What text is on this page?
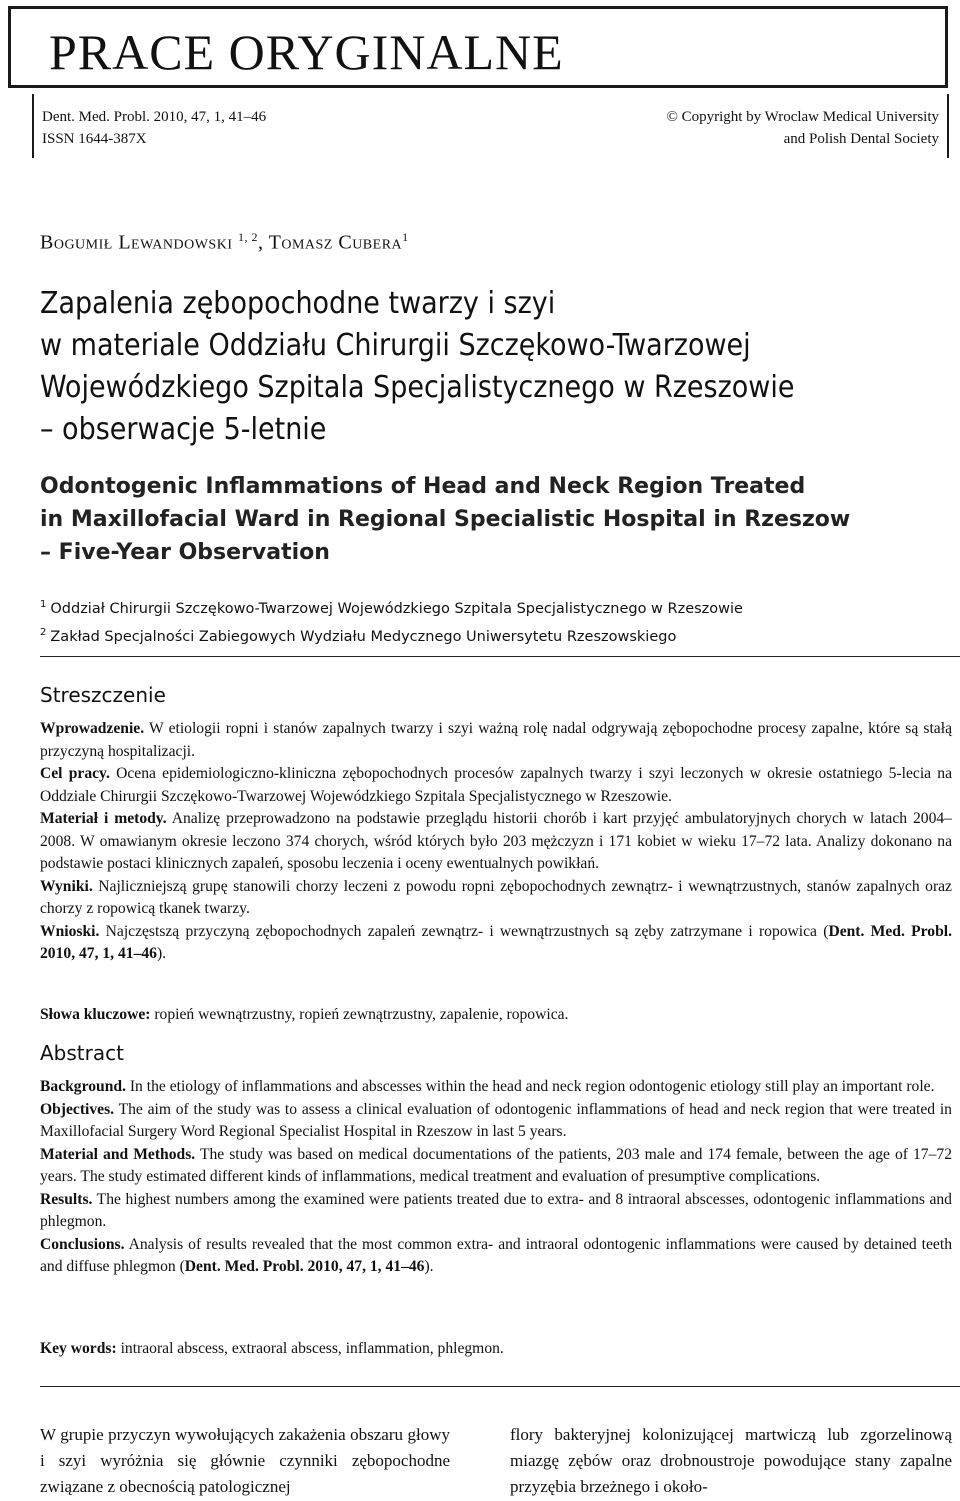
PRACE ORYGINALNE
Dent. Med. Probl. 2010, 47, 1, 41–46
ISSN 1644-387X
© Copyright by Wroclaw Medical University
and Polish Dental Society
Bogumił Lewandowski $^{1, 2}$, Tomasz Cubera$^1$
Zapalenia zębopochodne twarzy i szyi
w materiale Oddziału Chirurgii Szczękowo-Twarzowej
Wojewódzkiego Szpitala Specjalistycznego w Rzeszowie
– obserwacje 5-letnie
Odontogenic Inflammations of Head and Neck Region Treated
in Maxillofacial Ward in Regional Specialistic Hospital in Rzeszow
– Five-Year Observation
$^1$ Oddział Chirurgii Szczękowo-Twarzowej Wojewódzkiego Szpitala Specjalistycznego w Rzeszowie
$^2$ Zakład Specjalności Zabiegowych Wydziału Medycznego Uniwersytetu Rzeszowskiego
Streszczenie
Wprowadzenie. W etiologii ropni i stanów zapalnych twarzy i szyi ważną rolę nadal odgrywają zębopochodne procesy zapalne, które są stałą przyczyną hospitalizacji.
Cel pracy. Ocena epidemiologiczno-kliniczna zębopochodnych procesów zapalnych twarzy i szyi leczonych w okresie ostatniego 5-lecia na Oddziale Chirurgii Szczękowo-Twarzowej Wojewódzkiego Szpitala Specjalistycznego w Rzeszowie.
Materiał i metody. Analizę przeprowadzono na podstawie przeglądu historii chorób i kart przyjęć ambulatoryjnych chorych w latach 2004–2008. W omawianym okresie leczono 374 chorych, wśród których było 203 mężczyzn i 171 kobiet w wieku 17–72 lata. Analizy dokonano na podstawie postaci klinicznych zapaleń, sposobu leczenia i oceny ewentualnych powikłań.
Wyniki. Najliczniejszą grupę stanowili chorzy leczeni z powodu ropni zębopochodnych zewnątrz- i wewnątrzustnych, stanów zapalnych oraz chorzy z ropowicą tkanek twarzy.
Wnioski. Najczęstszą przyczyną zębopochodnych zapaleń zewnątrz- i wewnątrzustnych są zęby zatrzymane i ropowica (Dent. Med. Probl. 2010, 47, 1, 41–46).
Słowa kluczowe: ropień wewnątrzustny, ropień zewnątrzustny, zapalenie, ropowica.
Abstract
Background. In the etiology of inflammations and abscesses within the head and neck region odontogenic etiology still play an important role.
Objectives. The aim of the study was to assess a clinical evaluation of odontogenic inflammations of head and neck region that were treated in Maxillofacial Surgery Word Regional Specialist Hospital in Rzeszow in last 5 years.
Material and Methods. The study was based on medical documentations of the patients, 203 male and 174 female, between the age of 17–72 years. The study estimated different kinds of inflammations, medical treatment and evaluation of presumptive complications.
Results. The highest numbers among the examined were patients treated due to extra- and 8 intraoral abscesses, odontogenic inflammations and phlegmon.
Conclusions. Analysis of results revealed that the most common extra- and intraoral odontogenic inflammations were caused by detained teeth and diffuse phlegmon (Dent. Med. Probl. 2010, 47, 1, 41–46).
Key words: intraoral abscess, extraoral abscess, inflammation, phlegmon.
W grupie przyczyn wywołujących zakażenia obszaru głowy i szyi wyróżnia się głównie czynniki zębopochodne związane z obecnością patologicznej
flory bakteryjnej kolonizującej martwiczą lub zgorzelinową miazgę zębów oraz drobnoustroje powodujące stany zapalne przyzębia brzeżnego i około-
